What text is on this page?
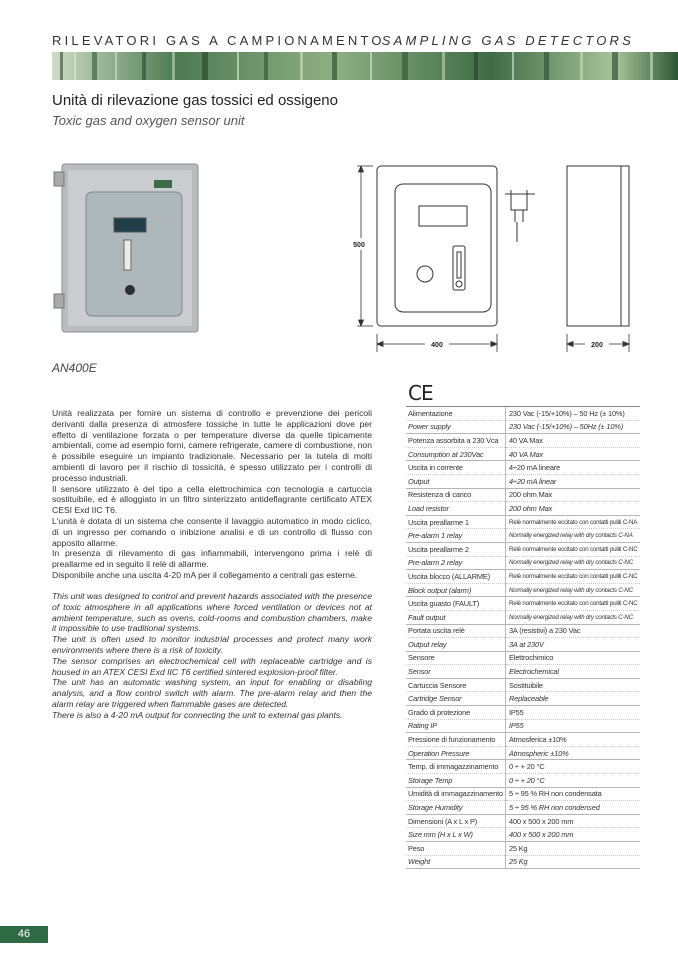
RILEVATORI GAS A CAMPIONAMENTO
SAMPLING GAS DETECTORS
Unità di rilevazione gas tossici ed ossigeno
Toxic gas and oxygen sensor unit
500
400	200
AN400E
CE

Unità realizzata per fornire un sistema di controllo e prevenzione dei pericoli derivanti dalla presenza di atmosfere tossiche in tutte le applicazioni dove per effetto di ventilazione forzata o per temperature diverse da quelle tipicamente ambientali, come ad esempio forni, camere refrigerate, camere di combustione, non è possibile eseguire un impianto tradizionale. Necessario per la tutela di molti ambienti di lavoro per il rischio di tossicità, è spesso utilizzato per i controlli di processo industriali.

Il sensore utilizzato è del tipo a cella elettrochimica con tecnologia a cartuccia sostituibile, ed è alloggiato in un filtro sinterizzato antideflagrante certificato ATEX CESI Exd IIC T6.

L'unità è dotata di un sistema che consente il lavaggio automatico in modo ciclico, di un ingresso per comando o inibizione analisi e di un controllo di flusso con apposito allarme.

In presenza di rilevamento di gas infiammabili, intervengono prima i relè di preallarme ed in seguito il relè di allarme.

Disponibile anche una uscita 4-20 mA per il collegamento a centrali gas esterne.

This unit was designed to control and prevent hazards associated with the presence of toxic atmosphere in all applications where forced ventilation or devices not at ambient temperature, such as ovens, cold-rooms and combustion chambers, make it impossible to use traditional systems.

The unit is often used to monitor industrial processes and protect many work environments where there is a risk of toxicity.

The sensor comprises an electrochemical cell with replaceable cartridge and is housed in an ATEX CESI Exd IIC T6 certified sintered explosion-proof filter.

The unit has an automatic washing system, an input for enabling or disabling analysis, and a flow control switch with alarm. The pre-alarm relay and then the alarm relay are triggered when flammable gases are detected.

There is also a 4-20 mA output for connecting the unit to external gas plants.

Alimentazione	230 Vac (-15/+10%) – 50 Hz (± 10%)
Power supply	230 Vac (-15/+10%) – 50Hz (± 10%)
Potenza assorbita a 230 Vca	40 VA Max
Consumption at 230Vac	40 VA Max
Uscita in corrente	4÷20 mA lineare
Output	4÷20 mA linear
Resistenza di carico	200 ohm Max
Load resistor	200 ohm Max
Uscita preallarme 1	Relè normalmente eccitato con contatti puliti C-NA
Pre-alarm 1 relay	Normally energized relay with dry contacts C-NA
Uscita preallarme 2	Relè normalmente eccitato con contatti puliti C-NC
Pre-alarm 2 relay	Normally energized relay with dry contacts C-NC
Uscita blocco (ALLARME)	Relè normalmente eccitato con contatti puliti C-NC
Block output (alarm)	Normally energized relay with dry contacts C-NC
Uscita guasto (FAULT)	Relè normalmente eccitato con contatti puliti C-NC
Fault output	Normally energized relay with dry contacts C-NC
Portata uscita relè	3A (resistivi) a 230 Vac
Output relay	3A at 230V
Sensore	Elettrochimico
Sensor	Electrochemical
Cartuccia Sensore	Sostituibile
Cartridge Sensor	Replaceable
Grado di protezione	IP55
Rating IP	IP55
Pressione di funzionamento	Atmosferica ±10%
Operation Pressure	Atmospheric ±10%
Temp. di immagazzinamento	0 ÷ + 20 °C
Storage Temp	0 ÷ + 20 °C
Umidità di immagazzinamento	5 ÷ 95 % RH non condensata
Storage Humidity	5 ÷ 95 % RH non condensed
Dimensioni (A x L x P)	400 x 500 x 200 mm
Size mm (H x L x W)	400 x 500 x 200 mm
Peso	25 Kg
Weight	25 Kg
46
